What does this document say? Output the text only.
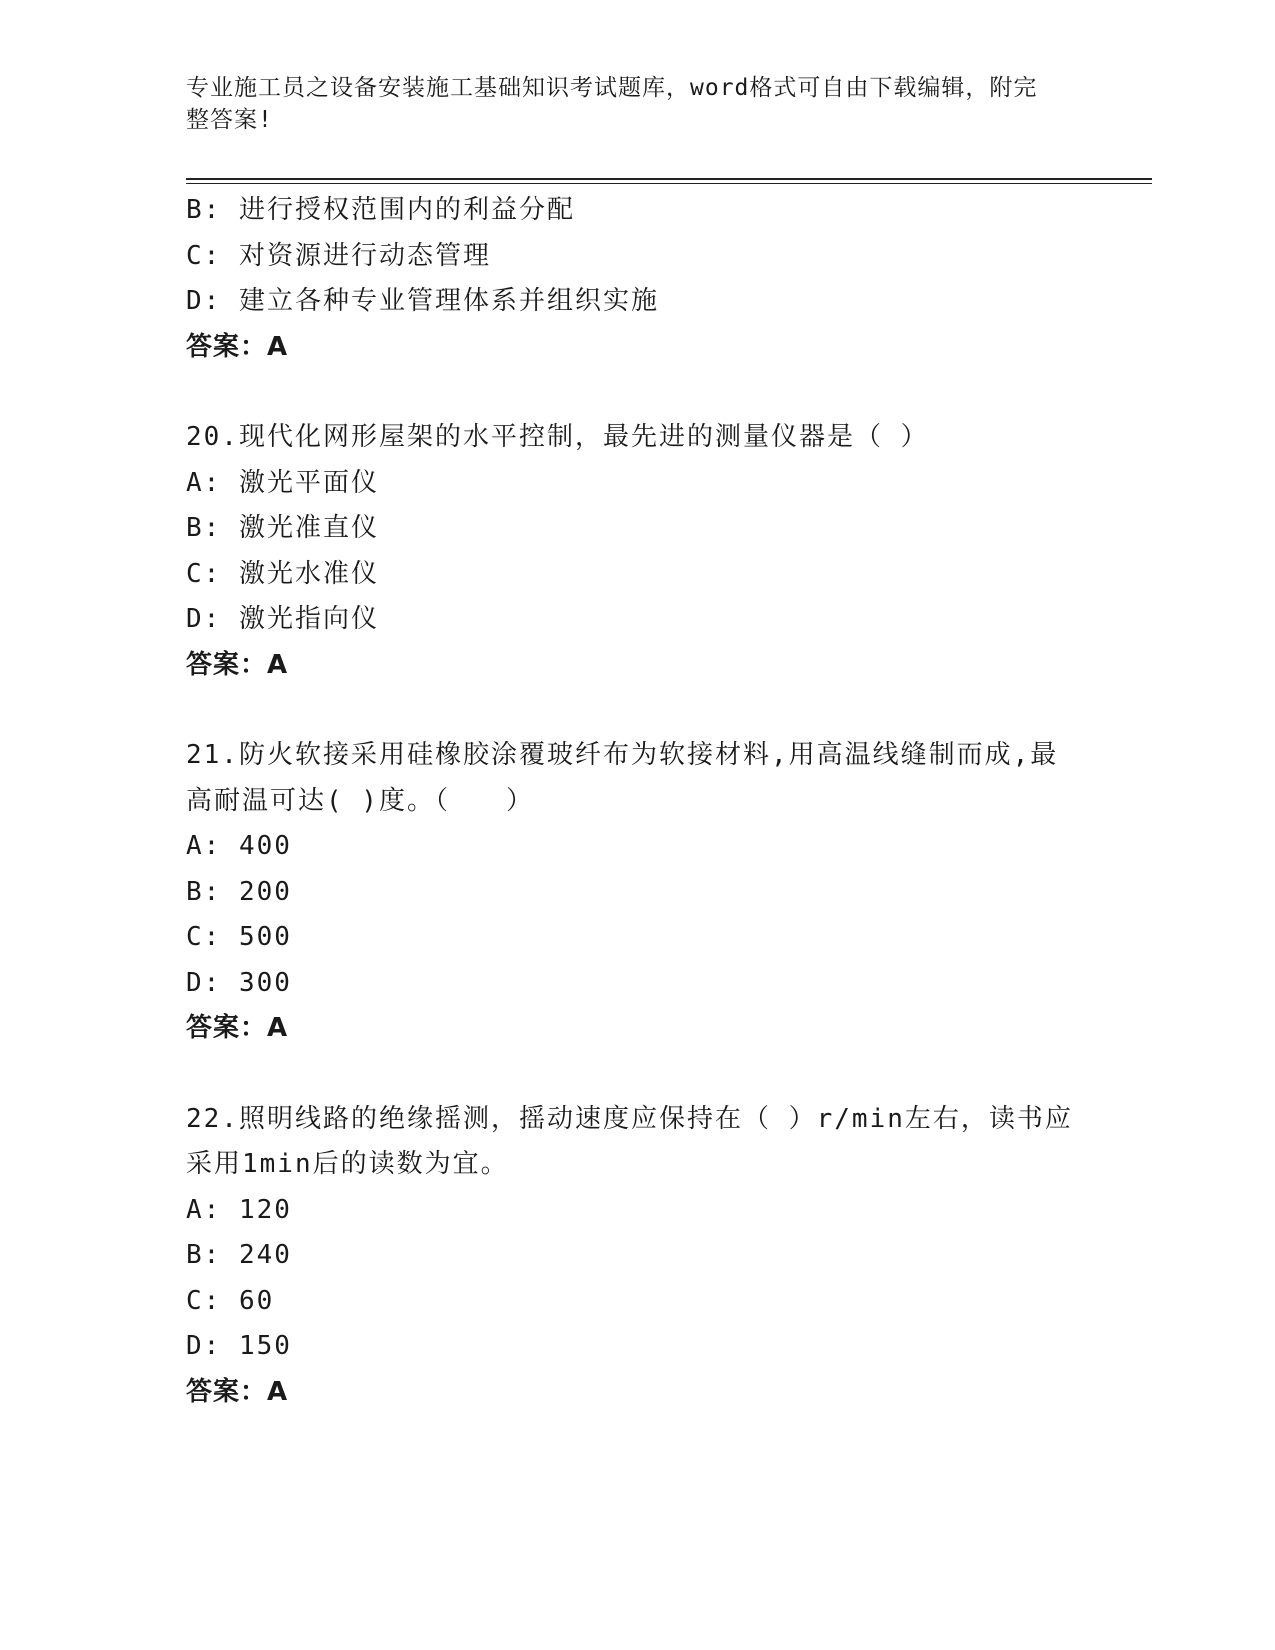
专业施工员之设备安装施工基础知识考试题库，word格式可自由下载编辑，附完
整答案!
B: 进行授权范围内的利益分配
C: 对资源进行动态管理
D: 建立各种专业管理体系并组织实施
答案：A
20.现代化网形屋架的水平控制，最先进的测量仪器是（ ）
A: 激光平面仪
B: 激光准直仪
C: 激光水准仪
D: 激光指向仪
答案：A
21.防火软接采用硅橡胶涂覆玻纤布为软接材料,用高温线缝制而成,最
高耐温可达( )度。（　　）
A: 400
B: 200
C: 500
D: 300
答案：A
22.照明线路的绝缘摇测，摇动速度应保持在（ ）r/min左右，读书应
采用1min后的读数为宜。
A: 120
B: 240
C: 60
D: 150
答案：A
